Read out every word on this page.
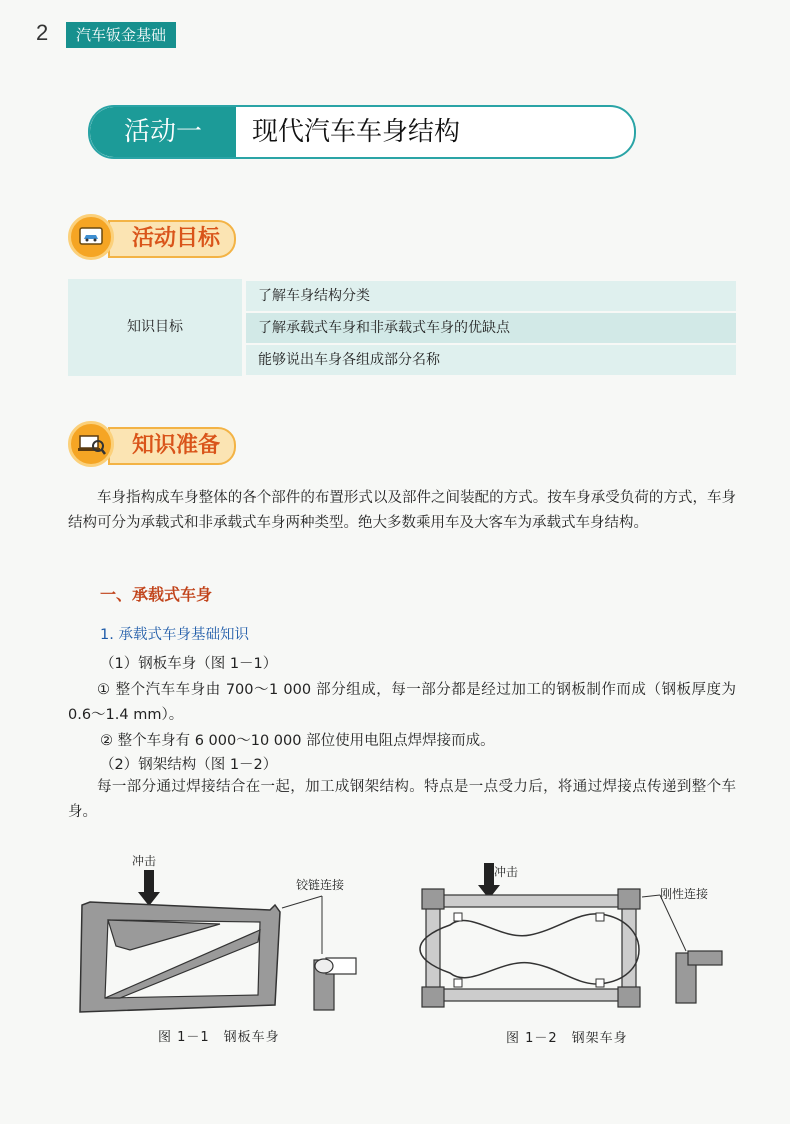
2	汽车钣金基础
活动一	现代汽车车身结构
活动目标
知识目标
了解车身结构分类
了解承载式车身和非承载式车身的优缺点
能够说出车身各组成部分名称
知识准备
车身指构成车身整体的各个部件的布置形式以及部件之间装配的方式。按车身承受负荷的方式，车身结构可分为承载式和非承载式车身两种类型。绝大多数乘用车及大客车为承载式车身结构。
一、承载式车身
1. 承载式车身基础知识
（1）钢板车身（图 1－1）
① 整个汽车车身由 700～1 000 部分组成，每一部分都是经过加工的钢板制作而成（钢板厚度为 0.6～1.4 mm）。
② 整个车身有 6 000～10 000 部位使用电阻点焊焊接而成。
（2）钢架结构（图 1－2）
每一部分通过焊接结合在一起，加工成钢架结构。特点是一点受力后，将通过焊接点传递到整个车身。
冲击
铰链连接
图 1－1　钢板车身
冲击
刚性连接
图 1－2　钢架车身
